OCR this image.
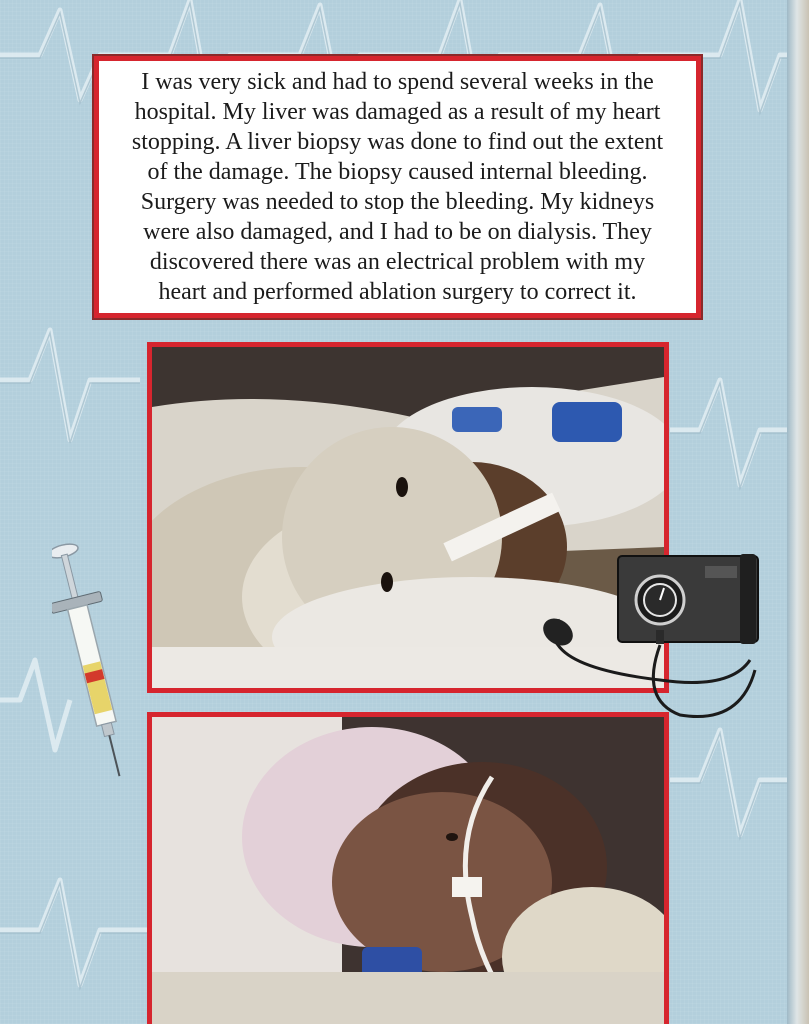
I was very sick and had to spend several weeks in the
hospital. My liver was damaged as a result of my heart
stopping. A liver biopsy was done to find out the extent
of the damage. The biopsy caused internal bleeding.
Surgery was needed to stop the bleeding. My kidneys
were also damaged, and I had to be on dialysis. They
discovered there was an electrical problem with my
heart and performed ablation surgery to correct it.
